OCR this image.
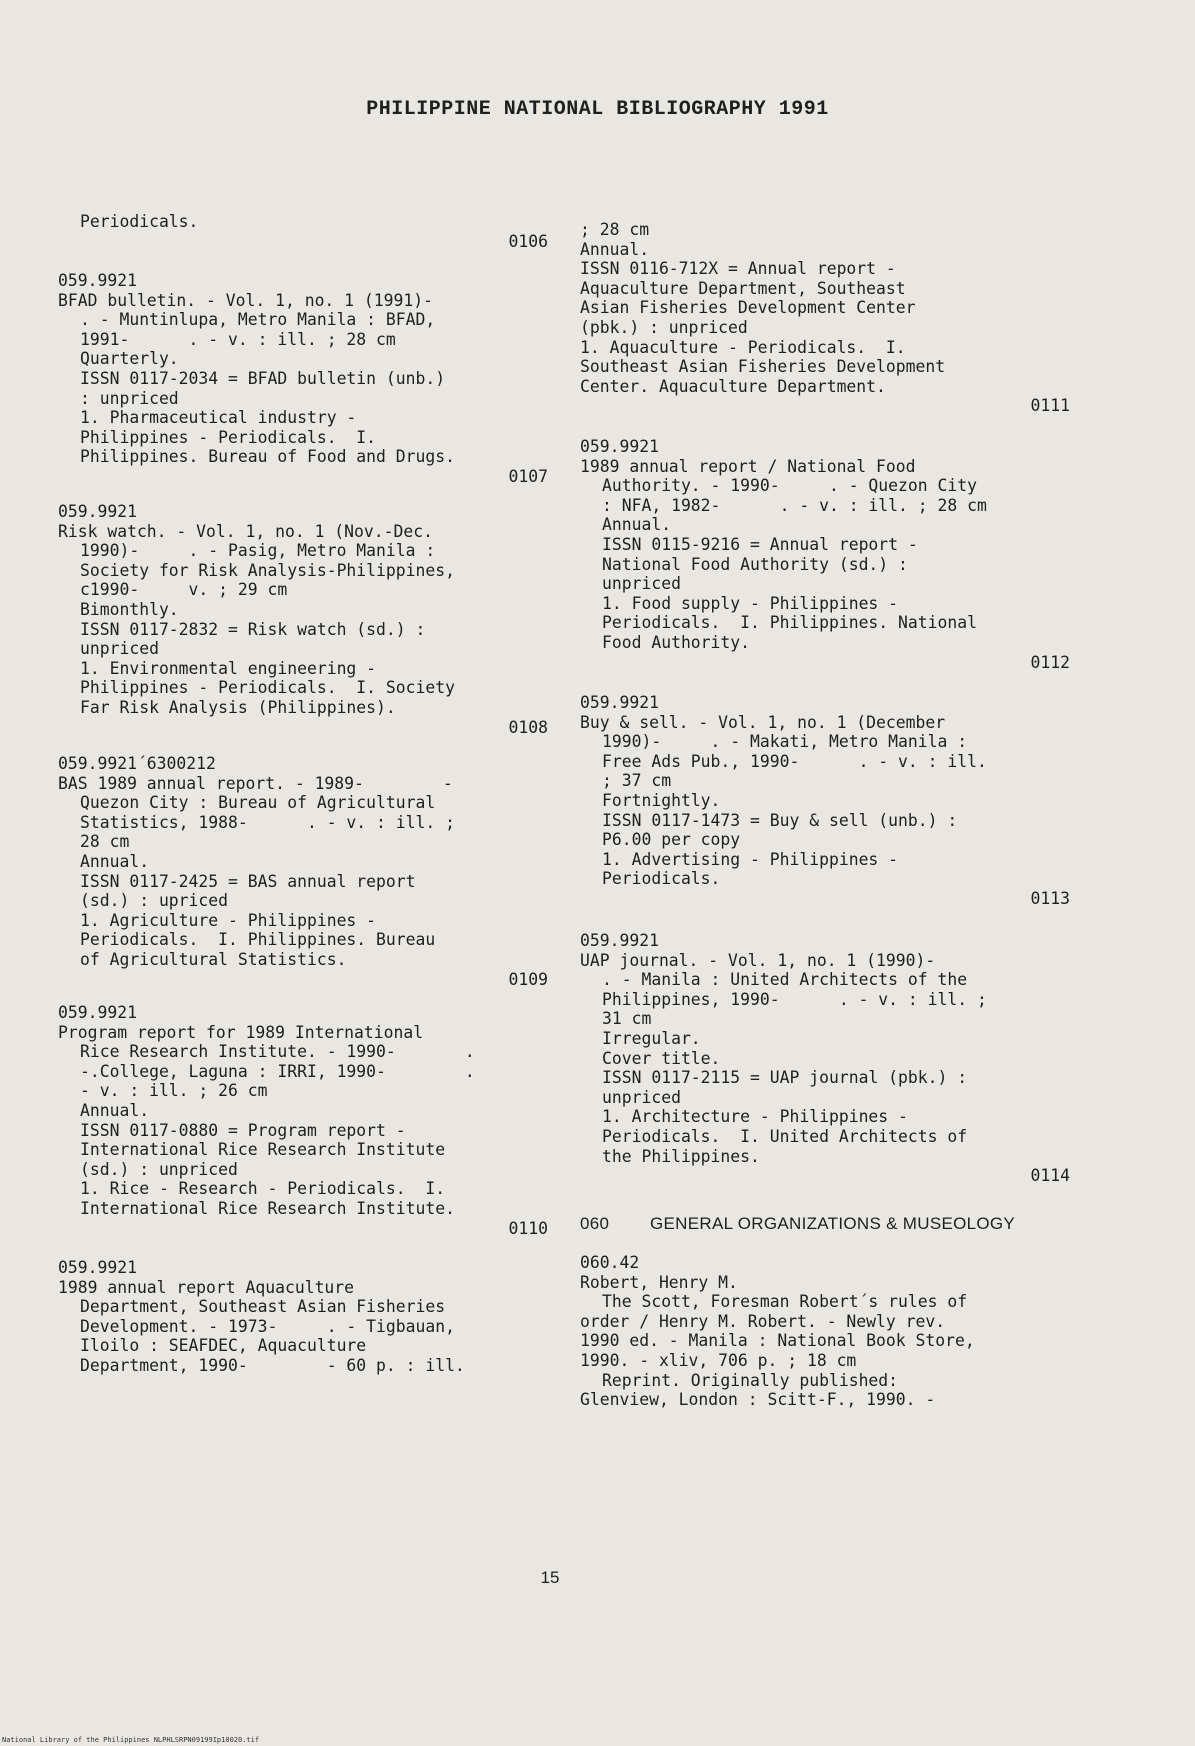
PHILIPPINE NATIONAL BIBLIOGRAPHY 1991

Periodicals.

0106

059.9921

BFAD bulletin. - Vol. 1, no. 1 (1991)-

. - Muntinlupa, Metro Manila : BFAD,

1991-      . - v. : ill. ; 28 cm

Quarterly.

ISSN 0117-2034 = BFAD bulletin (unb.)

: unpriced

1. Pharmaceutical industry -

Philippines - Periodicals.  I.

Philippines. Bureau of Food and Drugs.

0107

059.9921

Risk watch. - Vol. 1, no. 1 (Nov.-Dec.

1990)-     . - Pasig, Metro Manila :

Society for Risk Analysis-Philippines,

c1990-     v. ; 29 cm

Bimonthly.

ISSN 0117-2832 = Risk watch (sd.) :

unpriced

1. Environmental engineering -

Philippines - Periodicals.  I. Society

Far Risk Analysis (Philippines).

0108

059.9921´6300212

BAS 1989 annual report. - 1989-        -

Quezon City : Bureau of Agricultural

Statistics, 1988-      . - v. : ill. ;

28 cm

Annual.

ISSN 0117-2425 = BAS annual report

(sd.) : upriced

1. Agriculture - Philippines -

Periodicals.  I. Philippines. Bureau

of Agricultural Statistics.

0109

059.9921

Program report for 1989 International

Rice Research Institute. - 1990-       .

-.College, Laguna : IRRI, 1990-        .

- v. : ill. ; 26 cm

Annual.

ISSN 0117-0880 = Program report -

International Rice Research Institute

(sd.) : unpriced

1. Rice - Research - Periodicals.  I.

International Rice Research Institute.

0110

059.9921

1989 annual report Aquaculture

Department, Southeast Asian Fisheries

Development. - 1973-     . - Tigbauan,

Iloilo : SEAFDEC, Aquaculture

Department, 1990-        - 60 p. : ill.

; 28 cm

Annual.

ISSN 0116-712X = Annual report -

Aquaculture Department, Southeast

Asian Fisheries Development Center

(pbk.) : unpriced

1. Aquaculture - Periodicals.  I.

Southeast Asian Fisheries Development

Center. Aquaculture Department.

0111

059.9921

1989 annual report / National Food

Authority. - 1990-     . - Quezon City

: NFA, 1982-      . - v. : ill. ; 28 cm

Annual.

ISSN 0115-9216 = Annual report -

National Food Authority (sd.) :

unpriced

1. Food supply - Philippines -

Periodicals.  I. Philippines. National

Food Authority.

0112

059.9921

Buy & sell. - Vol. 1, no. 1 (December

1990)-     . - Makati, Metro Manila :

Free Ads Pub., 1990-      . - v. : ill.

; 37 cm

Fortnightly.

ISSN 0117-1473 = Buy & sell (unb.) :

P6.00 per copy

1. Advertising - Philippines -

Periodicals.

0113

059.9921

UAP journal. - Vol. 1, no. 1 (1990)-

. - Manila : United Architects of the

Philippines, 1990-      . - v. : ill. ;

31 cm

Irregular.

Cover title.

ISSN 0117-2115 = UAP journal (pbk.) :

unpriced

1. Architecture - Philippines -

Periodicals.  I. United Architects of

the Philippines.

0114

060 GENERAL ORGANIZATIONS & MUSEOLOGY

060.42

Robert, Henry M.

The Scott, Foresman Robert´s rules of

order / Henry M. Robert. - Newly rev.

1990 ed. - Manila : National Book Store,

1990. - xliv, 706 p. ; 18 cm

Reprint. Originally published:

Glenview, London : Scitt-F., 1990. -

15
National Library of the Philippines NLPHLSRPN09199Ip10020.tif
